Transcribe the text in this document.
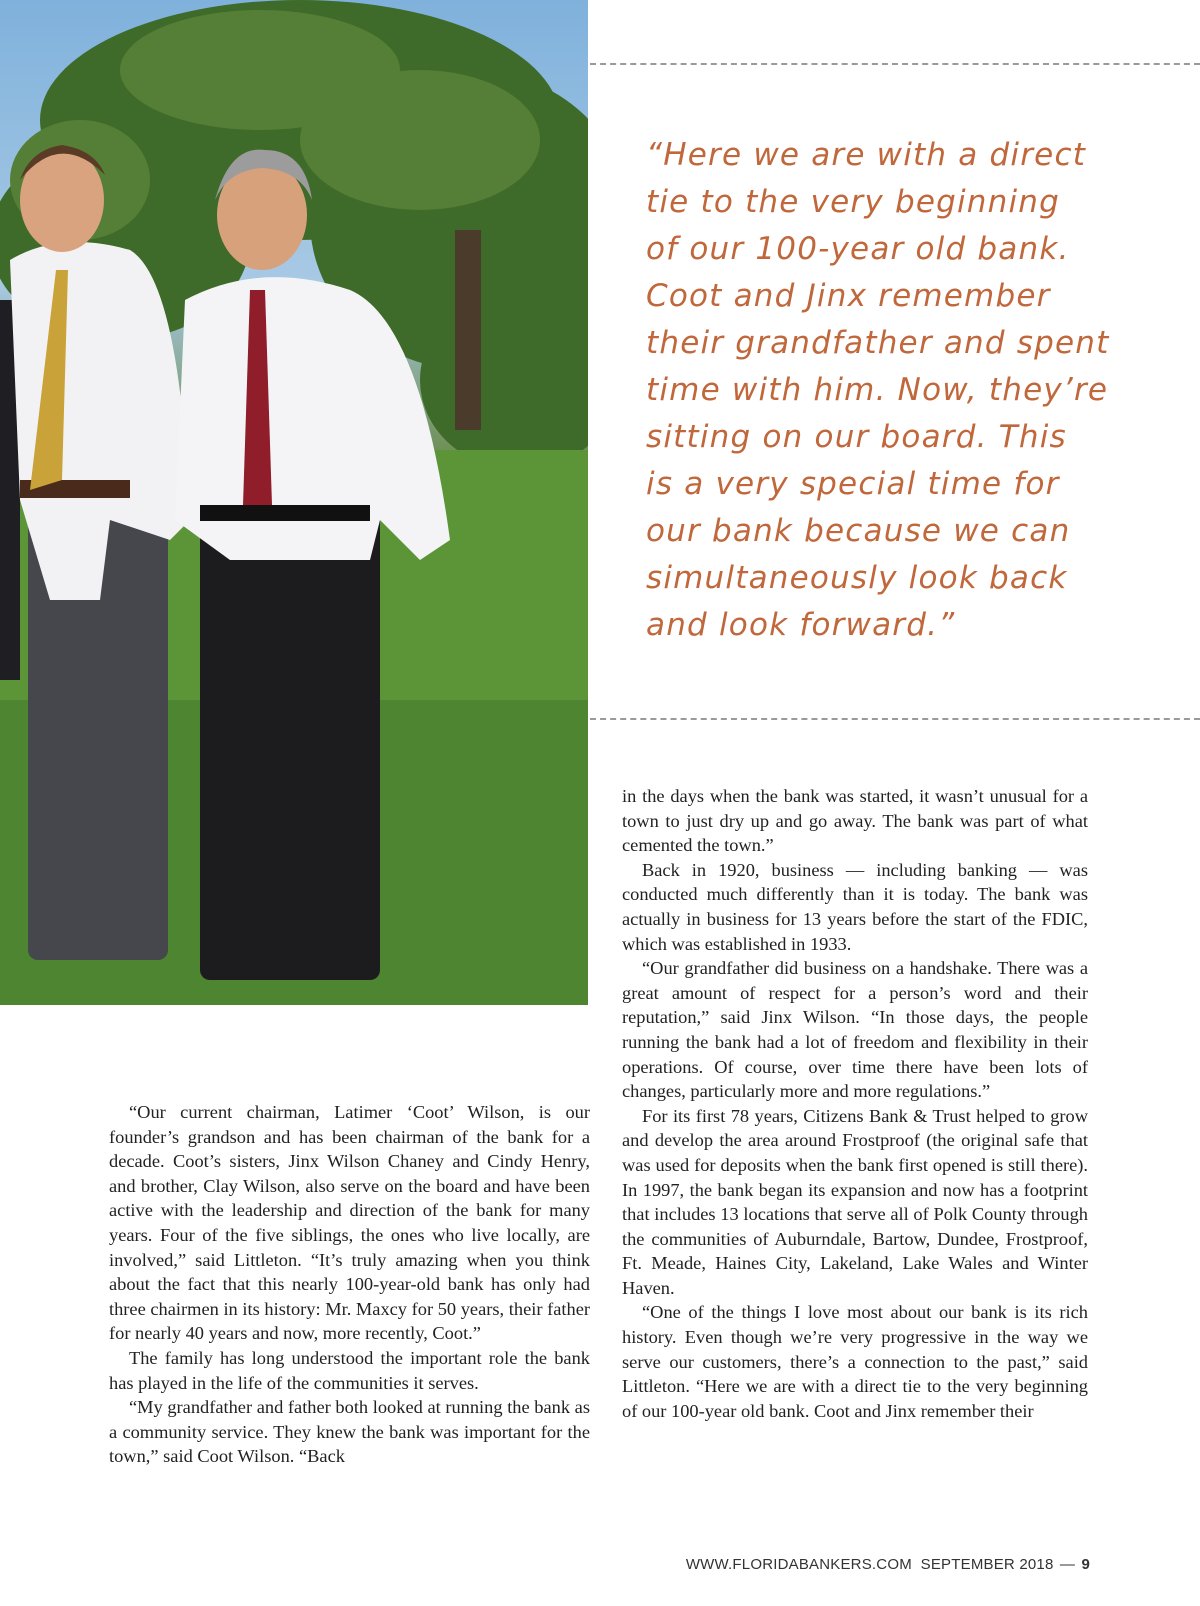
“Here we are with a direct
tie to the very beginning
of our 100-year old bank.
Coot and Jinx remember
their grandfather and spent
time with him. Now, they’re
sitting on our board. This
is a very special time for
our bank because we can
simultaneously look back
and look forward.”

“Our current chairman, Latimer ‘Coot’ Wilson, is our founder’s grandson and has been chairman of the bank for a decade. Coot’s sisters, Jinx Wilson Chaney and Cindy Henry, and brother, Clay Wilson, also serve on the board and have been active with the leadership and direction of the bank for many years. Four of the five siblings, the ones who live locally, are involved,” said Littleton. “It’s truly amazing when you think about the fact that this nearly 100-year-old bank has only had three chairmen in its history: Mr. Maxcy for 50 years, their father for nearly 40 years and now, more recently, Coot.”

The family has long understood the important role the bank has played in the life of the communities it serves.

“My grandfather and father both looked at running the bank as a community service. They knew the bank was important for the town,” said Coot Wilson. “Back

in the days when the bank was started, it wasn’t unusual for a town to just dry up and go away. The bank was part of what cemented the town.”

Back in 1920, business — including banking — was conducted much differently than it is today. The bank was actually in business for 13 years before the start of the FDIC, which was established in 1933.

“Our grandfather did business on a handshake. There was a great amount of respect for a person’s word and their reputation,” said Jinx Wilson. “In those days, the people running the bank had a lot of freedom and flexibility in their operations. Of course, over time there have been lots of changes, particularly more and more regulations.”

For its first 78 years, Citizens Bank & Trust helped to grow and develop the area around Frostproof (the original safe that was used for deposits when the bank first opened is still there). In 1997, the bank began its expansion and now has a footprint that includes 13 locations that serve all of Polk County through the communities of Auburndale, Bartow, Dundee, Frostproof, Ft. Meade, Haines City, Lakeland, Lake Wales and Winter Haven.

“One of the things I love most about our bank is its rich history. Even though we’re very progressive in the way we serve our customers, there’s a connection to the past,” said Littleton. “Here we are with a direct tie to the very beginning of our 100-year old bank. Coot and Jinx remember their

WWW.FLORIDABANKERS.COM SEPTEMBER 2018 — 9
